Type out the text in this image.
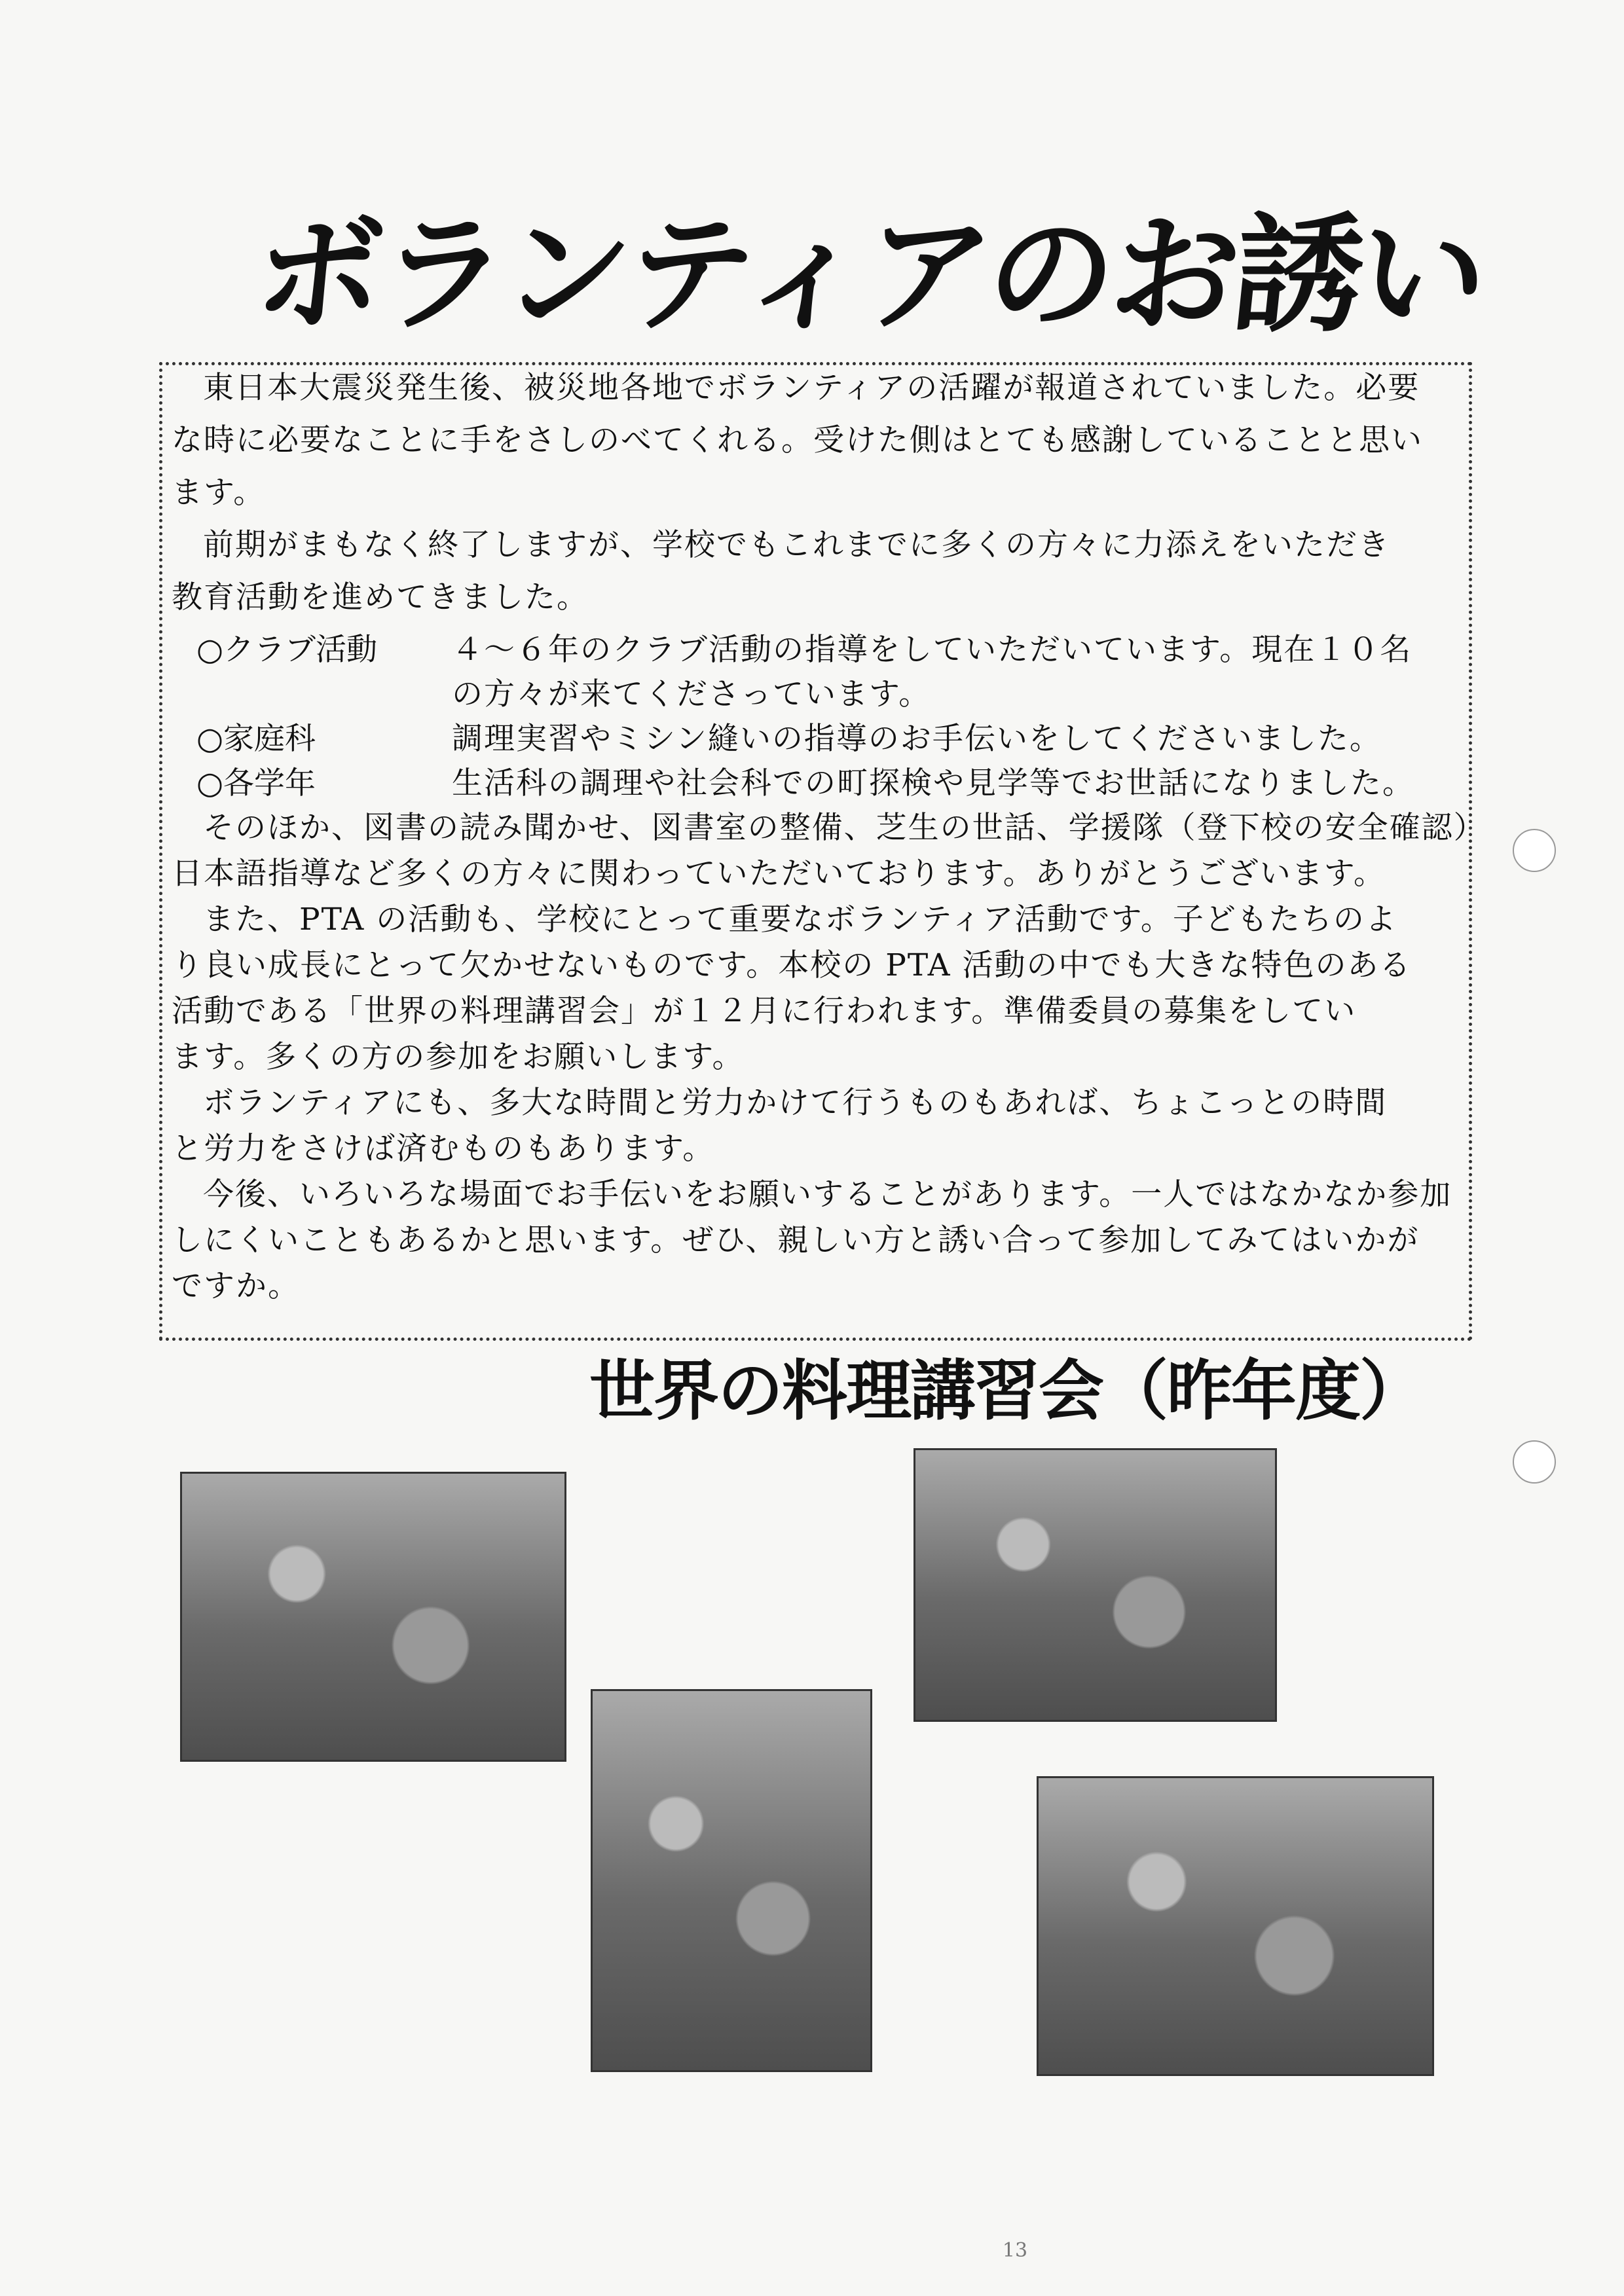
ボランティアのお誘い

東日本大震災発生後、被災地各地でボランティアの活躍が報道されていました。必要

な時に必要なことに手をさしのべてくれる。受けた側はとても感謝していることと思い

ます。

前期がまもなく終了しますが、学校でもこれまでに多くの方々に力添えをいただき

教育活動を進めてきました。

○クラブ活動 ４～６年のクラブ活動の指導をしていただいています。現在１０名

の方々が来てくださっています。

○家庭科	調理実習やミシン縫いの指導のお手伝いをしてくださいました。

○各学年	生活科の調理や社会科での町探検や見学等でお世話になりました。

そのほか、図書の読み聞かせ、図書室の整備、芝生の世話、学援隊（登下校の安全確認）

日本語指導など多くの方々に関わっていただいております。ありがとうございます。

また、PTA の活動も、学校にとって重要なボランティア活動です。子どもたちのよ

り良い成長にとって欠かせないものです。本校の PTA 活動の中でも大きな特色のある

活動である「世界の料理講習会」が１２月に行われます。準備委員の募集をしてい

ます。多くの方の参加をお願いします。

ボランティアにも、多大な時間と労力かけて行うものもあれば、ちょこっとの時間

と労力をさけば済むものもあります。

今後、いろいろな場面でお手伝いをお願いすることがあります。一人ではなかなか参加

しにくいこともあるかと思います。ぜひ、親しい方と誘い合って参加してみてはいかが

ですか。

世界の料理講習会（昨年度）

13
